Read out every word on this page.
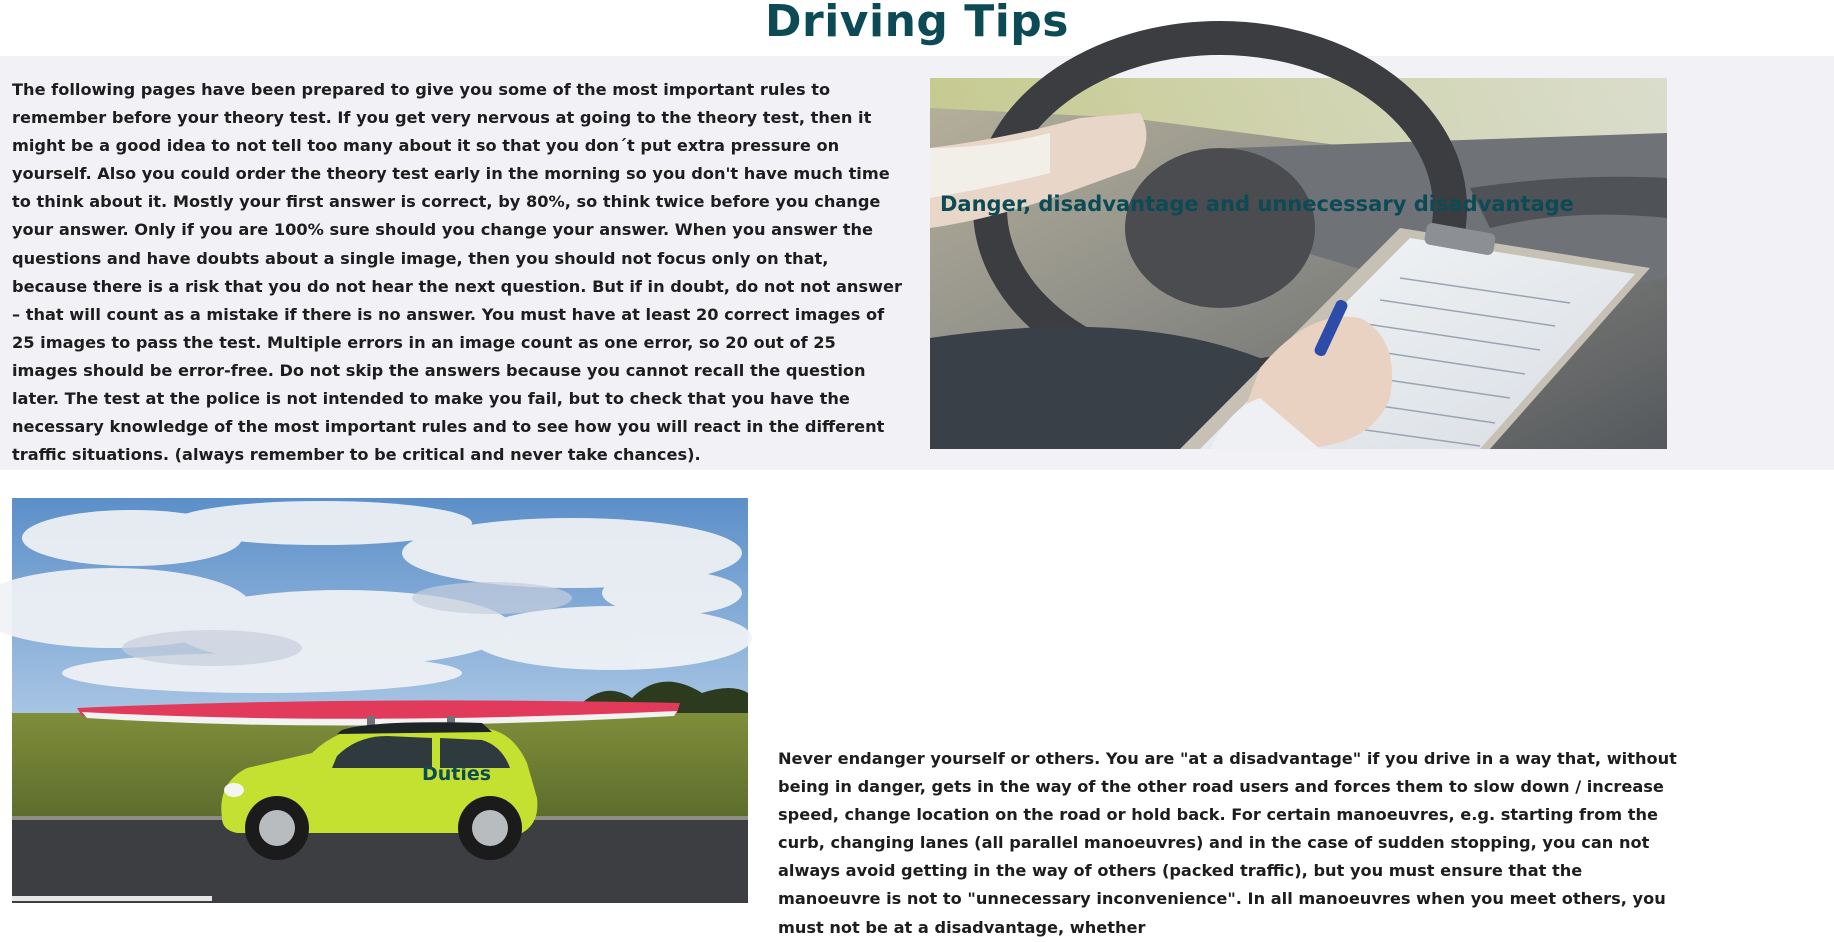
Driving Tips

The following pages have been prepared to give you some of the most important rules to remember before your theory test. If you get very nervous at going to the theory test, then it might be a good idea to not tell too many about it so that you don´t put extra pressure on yourself. Also you could order the theory test early in the morning so you don't have much time to think about it. Mostly your first answer is correct, by 80%, so think twice before you change your answer. Only if you are 100% sure should you change your answer. When you answer the questions and have doubts about a single image, then you should not focus only on that, because there is a risk that you do not hear the next question. But if in doubt, do not not answer – that will count as a mistake if there is no answer. You must have at least 20 correct images of 25 images to pass the test. Multiple errors in an image count as one error, so 20 out of 25 images should be error-free. Do not skip the answers because you cannot recall the question later. The test at the police is not intended to make you fail, but to check that you have the necessary knowledge of the most important rules and to see how you will react in the different traffic situations. (always remember to be critical and never take chances).

Danger, disadvantage and unnecessary disadvantage
Duties

Never endanger yourself or others. You are "at a disadvantage" if you drive in a way that, without being in danger, gets in the way of the other road users and forces them to slow down / increase speed, change location on the road or hold back. For certain manoeuvres, e.g. starting from the curb, changing lanes (all parallel manoeuvres) and in the case of sudden stopping, you can not always avoid getting in the way of others (packed traffic), but you must ensure that the manoeuvre is not to "unnecessary inconvenience". In all manoeuvres when you meet others, you must not be at a disadvantage, whether
